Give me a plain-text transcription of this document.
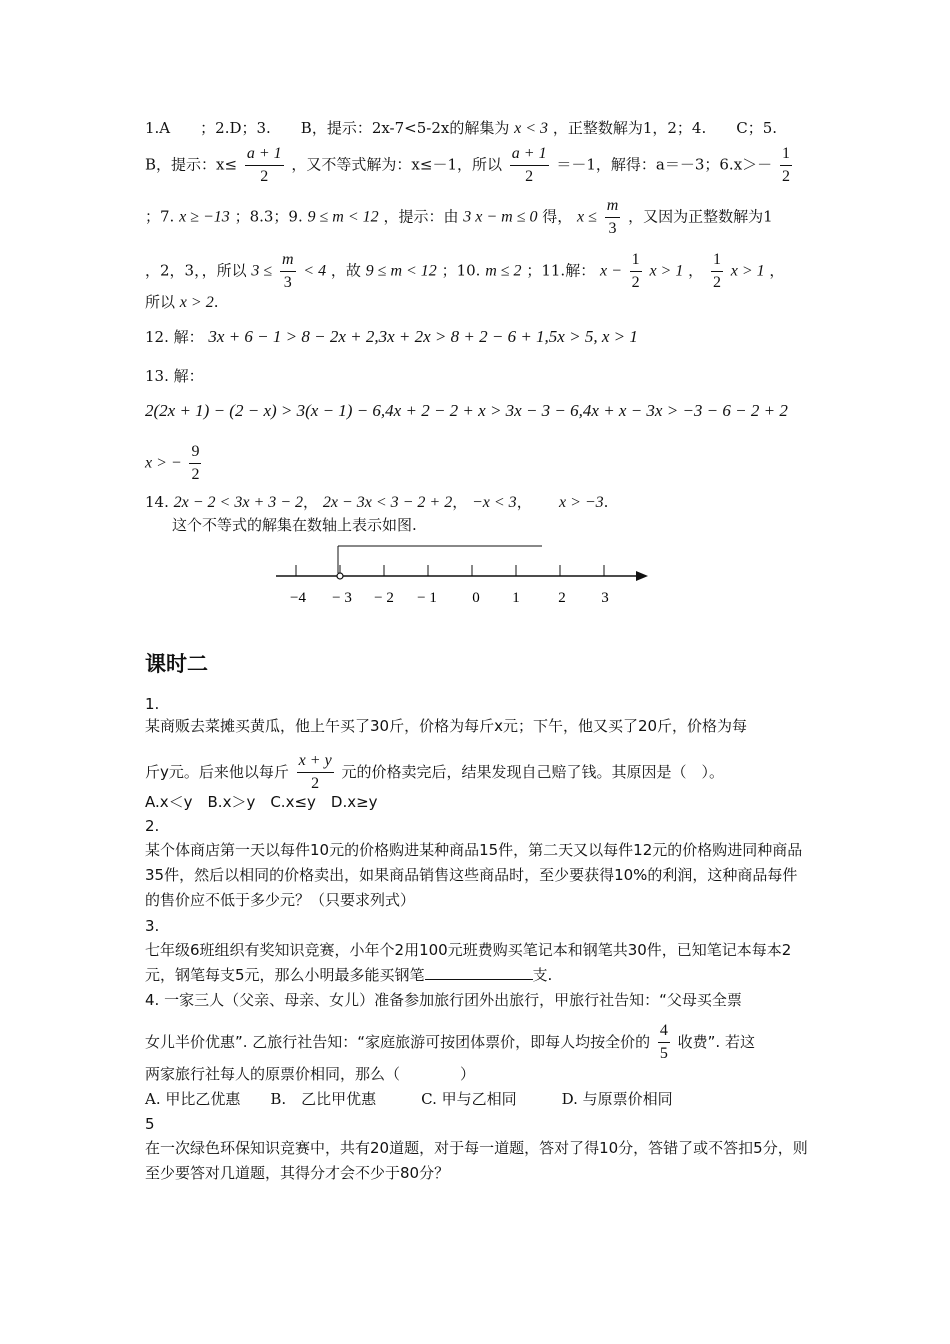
1.A　　；2.D；3.　　B，提示：2x-7<5-2x的解集为 x < 3 ，正整数解为1，2；4.　　C；5.
B，提示：$x\le \frac{a + 1}{2}$ ，又不等式解为：x≤－1，所以 $\frac{a + 1}{2} =-1$，解得：a＝－3；$6.x>- \frac{1}{2}$
；7. x ≥ −13 ；8.3；9. 9 ≤ m < 12 ，提示：由 3 x − m ≤ 0 得， $x \le \frac{m}{3}$ ，又因为正整数解为1
，2，3，，所以 $3 \le \frac{m}{3} < 4$ ，故 9 ≤ m < 12 ；10. m ≤ 2 ；11.解： $x - \frac{1}{2}$ x > 1 ， $\frac{1}{2}$ x > 1 ，
所以 x > 2.
12. 解： 3x + 6 − 1 > 8 − 2x + 2,3x + 2x > 8 + 2 − 6 + 1,5x > 5, x > 1
13. 解：
2(2x + 1) − (2 − x) > 3(x − 1) − 6,4x + 2 − 2 + x > 3x − 3 − 6,4x + x − 3x > −3 − 6 − 2 + 2
x > − $\frac{9}{2}$
14. 2x − 2 < 3x + 3 − 2， 2x − 3x < 3 − 2 + 2， −x < 3，　　 x > −3.
这个不等式的解集在数轴上表示如图.
−4 − 3 − 2 − 1 0 1	2 3
课时二
1.
某商贩去菜摊买黄瓜，他上午买了30斤，价格为每斤x元；下午，他又买了20斤，价格为每
斤y元。后来他以每斤 $\frac{x + y}{2}$ 元的价格卖完后，结果发现自己赔了钱。其原因是（　）。
A.x＜y　B.x＞y　C.x≤y　D.x≥y
2.
某个体商店第一天以每件10元的价格购进某种商品15件，第二天又以每件12元的价格购进同种商品35件，然后以相同的价格卖出，如果商品销售这些商品时，至少要获得10%的利润，这种商品每件的售价应不低于多少元？（只要求列式）
3.
七年级6班组织有奖知识竞赛，小年个2用100元班费购买笔记本和钢笔共30件，已知笔记本每本2元，钢笔每支5元，那么小明最多能买钢笔	支.
4. 一家三人（父亲、母亲、女儿）准备参加旅行团外出旅行，甲旅行社告知：“父母买全票
女儿半价优惠”. 乙旅行社告知：“家庭旅游可按团体票价，即每人均按全价的 $\frac{4}{5}$ 收费”. 若这
两家旅行社每人的原票价相同，那么（　　　　）
A. 甲比乙优惠　　B.　乙比甲优惠　　　C. 甲与乙相同　　　D. 与原票价相同
5
在一次绿色环保知识竞赛中，共有20道题，对于每一道题，答对了得10分，答错了或不答扣5分，则至少要答对几道题，其得分才会不少于80分？
